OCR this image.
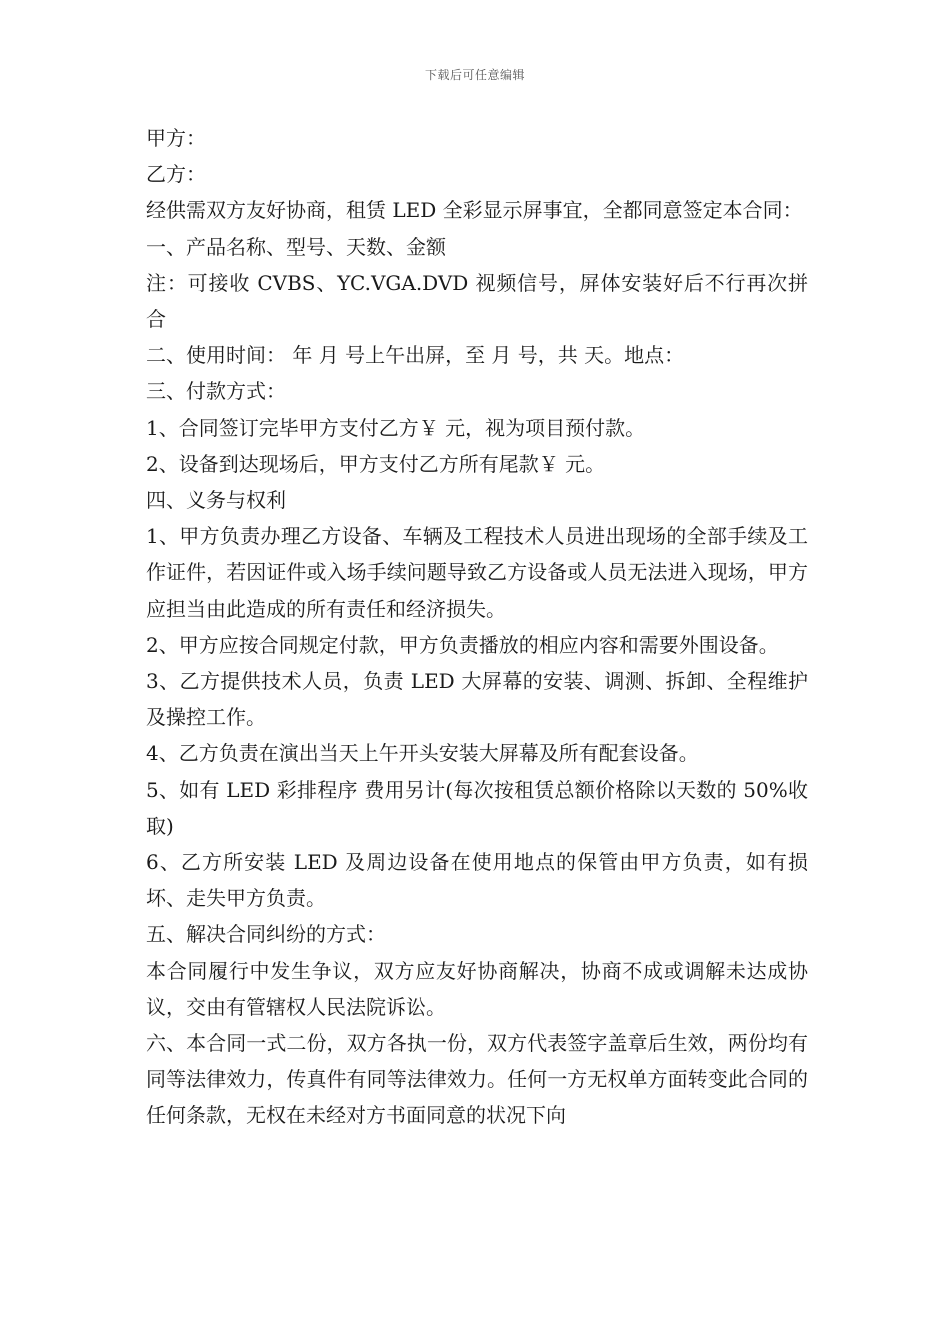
下载后可任意编辑

甲方：

乙方：

经供需双方友好协商，租赁 LED 全彩显示屏事宜，全都同意签定本合同：

一、产品名称、型号、天数、金额

注：可接收 CVBS、YC.VGA.DVD 视频信号，屏体安装好后不行再次拼合

二、使用时间： 年 月 号上午出屏，至 月 号，共 天。地点：

三、付款方式：

1、合同签订完毕甲方支付乙方￥ 元，视为项目预付款。

2、设备到达现场后，甲方支付乙方所有尾款￥ 元。

四、义务与权利

1、甲方负责办理乙方设备、车辆及工程技术人员进出现场的全部手续及工作证件，若因证件或入场手续问题导致乙方设备或人员无法进入现场，甲方应担当由此造成的所有责任和经济损失。

2、甲方应按合同规定付款，甲方负责播放的相应内容和需要外围设备。

3、乙方提供技术人员，负责 LED 大屏幕的安装、调测、拆卸、全程维护及操控工作。

4、乙方负责在演出当天上午开头安装大屏幕及所有配套设备。

5、如有 LED 彩排程序 费用另计(每次按租赁总额价格除以天数的 50%收取)

6、乙方所安装 LED 及周边设备在使用地点的保管由甲方负责，如有损坏、走失甲方负责。

五、解决合同纠纷的方式：

本合同履行中发生争议，双方应友好协商解决，协商不成或调解未达成协议，交由有管辖权人民法院诉讼。

六、本合同一式二份，双方各执一份，双方代表签字盖章后生效，两份均有同等法律效力，传真件有同等法律效力。任何一方无权单方面转变此合同的任何条款，无权在未经对方书面同意的状况下向
